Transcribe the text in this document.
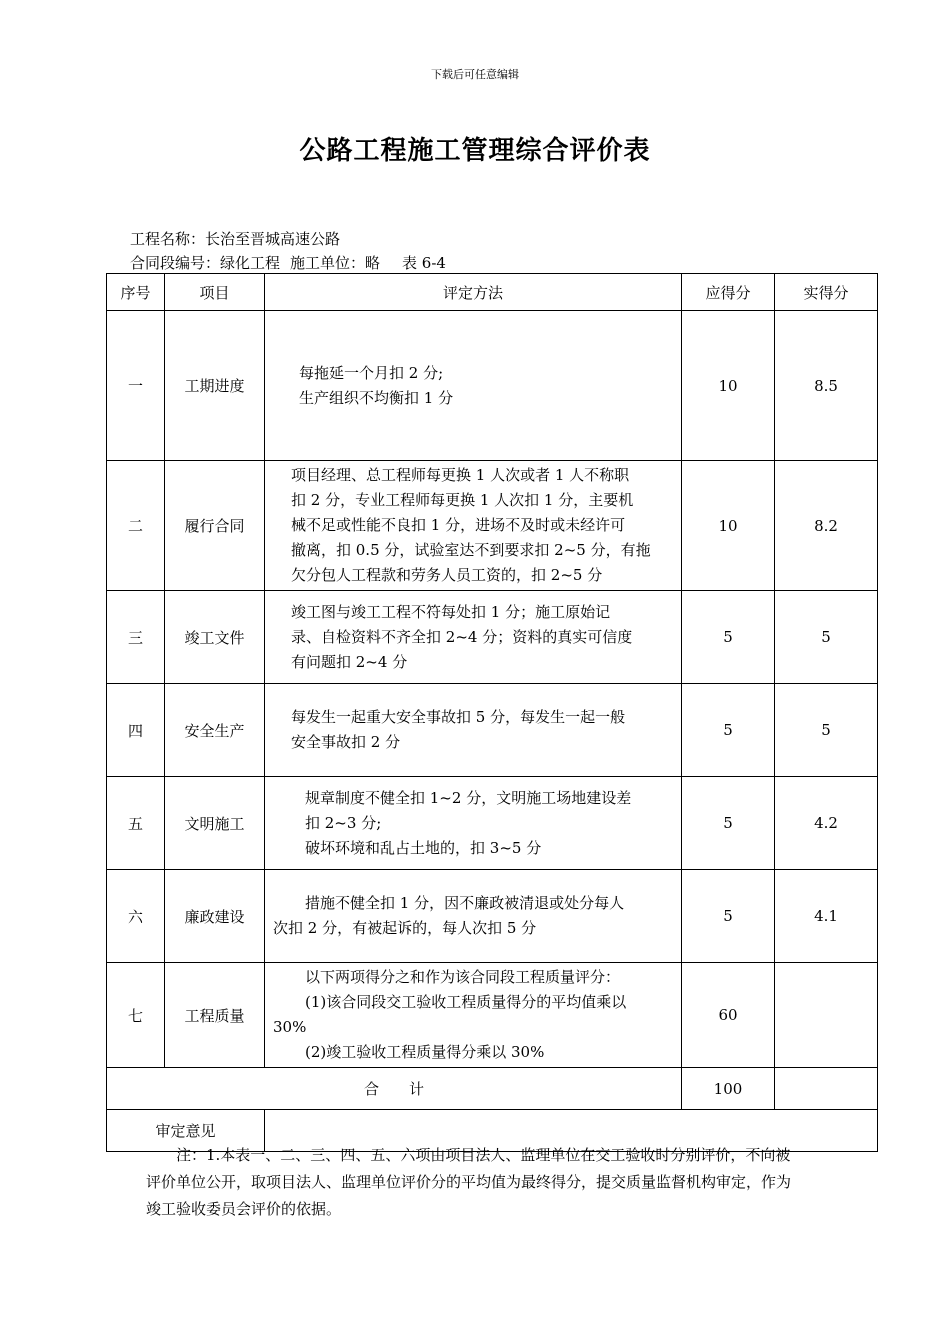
下载后可任意编辑
公路工程施工管理综合评价表
工程名称：长治至晋城高速公路
合同段编号：绿化工程 施工单位：略 表 6-4
序号	项目	评定方法	应得分	实得分
一	工期进度	每拖延一个月扣 2 分;
生产组织不均衡扣 1 分	10	8.5
二	履行合同	项目经理、总工程师每更换 1 人次或者 1 人不称职
扣 2 分，专业工程师每更换 1 人次扣 1 分，主要机
械不足或性能不良扣 1 分，进场不及时或未经许可
撤离，扣 0.5 分，试验室达不到要求扣 2~5 分，有拖
欠分包人工程款和劳务人员工资的，扣 2~5 分	10	8.2
三	竣工文件	竣工图与竣工工程不符每处扣 1 分；施工原始记
录、自检资料不齐全扣 2~4 分；资料的真实可信度
有问题扣 2~4 分	5	5
四	安全生产	每发生一起重大安全事故扣 5 分，每发生一起一般
安全事故扣 2 分	5	5
五	文明施工	规章制度不健全扣 1~2 分，文明施工场地建设差
扣 2~3 分;
破坏环境和乱占土地的，扣 3~5 分	5	4.2
六	廉政建设	措施不健全扣 1 分，因不廉政被清退或处分每人
次扣 2 分，有被起诉的，每人次扣 5 分	5	4.1
七	工程质量	以下两项得分之和作为该合同段工程质量评分：
(1)该合同段交工验收工程质量得分的平均值乘以
30%
(2)竣工验收工程质量得分乘以 30%	60	
合　　计			100	
审定意见				
注：1.本表一、二、三、四、五、六项由项目法人、监理单位在交工验收时分别评价，不向被
评价单位公开，取项目法人、监理单位评价分的平均值为最终得分，提交质量监督机构审定，作为
竣工验收委员会评价的依据。
